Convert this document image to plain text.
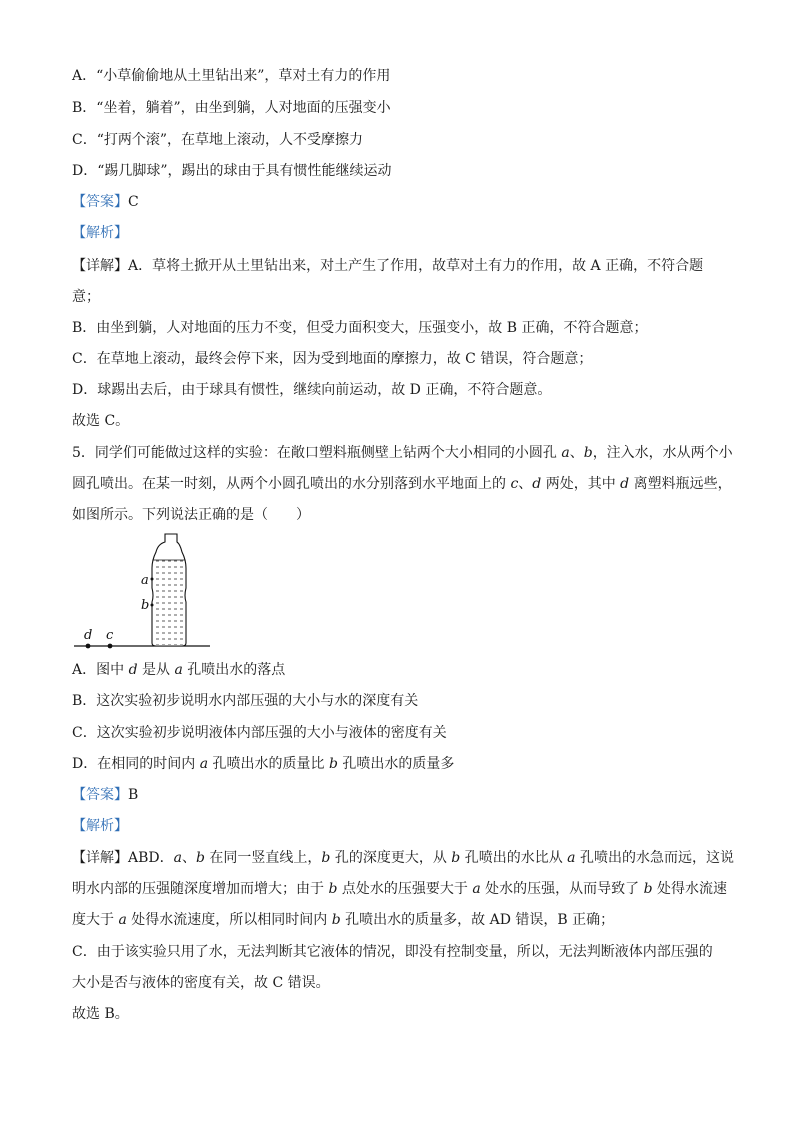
A．“小草偷偷地从土里钻出来”，草对土有力的作用
B．“坐着，躺着”，由坐到躺，人对地面的压强变小
C．“打两个滚”，在草地上滚动，人不受摩擦力
D．“踢几脚球”，踢出的球由于具有惯性能继续运动
【答案】C
【解析】
【详解】A．草将土掀开从土里钻出来，对土产生了作用，故草对土有力的作用，故 A 正确，不符合题
意；
B．由坐到躺，人对地面的压力不变，但受力面积变大，压强变小，故 B 正确，不符合题意；
C．在草地上滚动，最终会停下来，因为受到地面的摩擦力，故 C 错误，符合题意；
D．球踢出去后，由于球具有惯性，继续向前运动，故 D 正确，不符合题意。
故选 C。
5．同学们可能做过这样的实验：在敞口塑料瓶侧壁上钻两个大小相同的小圆孔 a、b，注入水，水从两个小
圆孔喷出。在某一时刻，从两个小圆孔喷出的水分别落到水平地面上的 c、d 两处，其中 d 离塑料瓶远些，
如图所示。下列说法正确的是（　　）
a
b
d c
A．图中 d 是从 a 孔喷出水的落点
B．这次实验初步说明水内部压强的大小与水的深度有关
C．这次实验初步说明液体内部压强的大小与液体的密度有关
D．在相同的时间内 a 孔喷出水的质量比 b 孔喷出水的质量多
【答案】B
【解析】
【详解】ABD．a、b 在同一竖直线上，b 孔的深度更大，从 b 孔喷出的水比从 a 孔喷出的水急而远，这说
明水内部的压强随深度增加而增大；由于 b 点处水的压强要大于 a 处水的压强，从而导致了 b 处得水流速
度大于 a 处得水流速度，所以相同时间内 b 孔喷出水的质量多，故 AD 错误，B 正确；
C．由于该实验只用了水，无法判断其它液体的情况，即没有控制变量，所以，无法判断液体内部压强的
大小是否与液体的密度有关，故 C 错误。
故选 B。
